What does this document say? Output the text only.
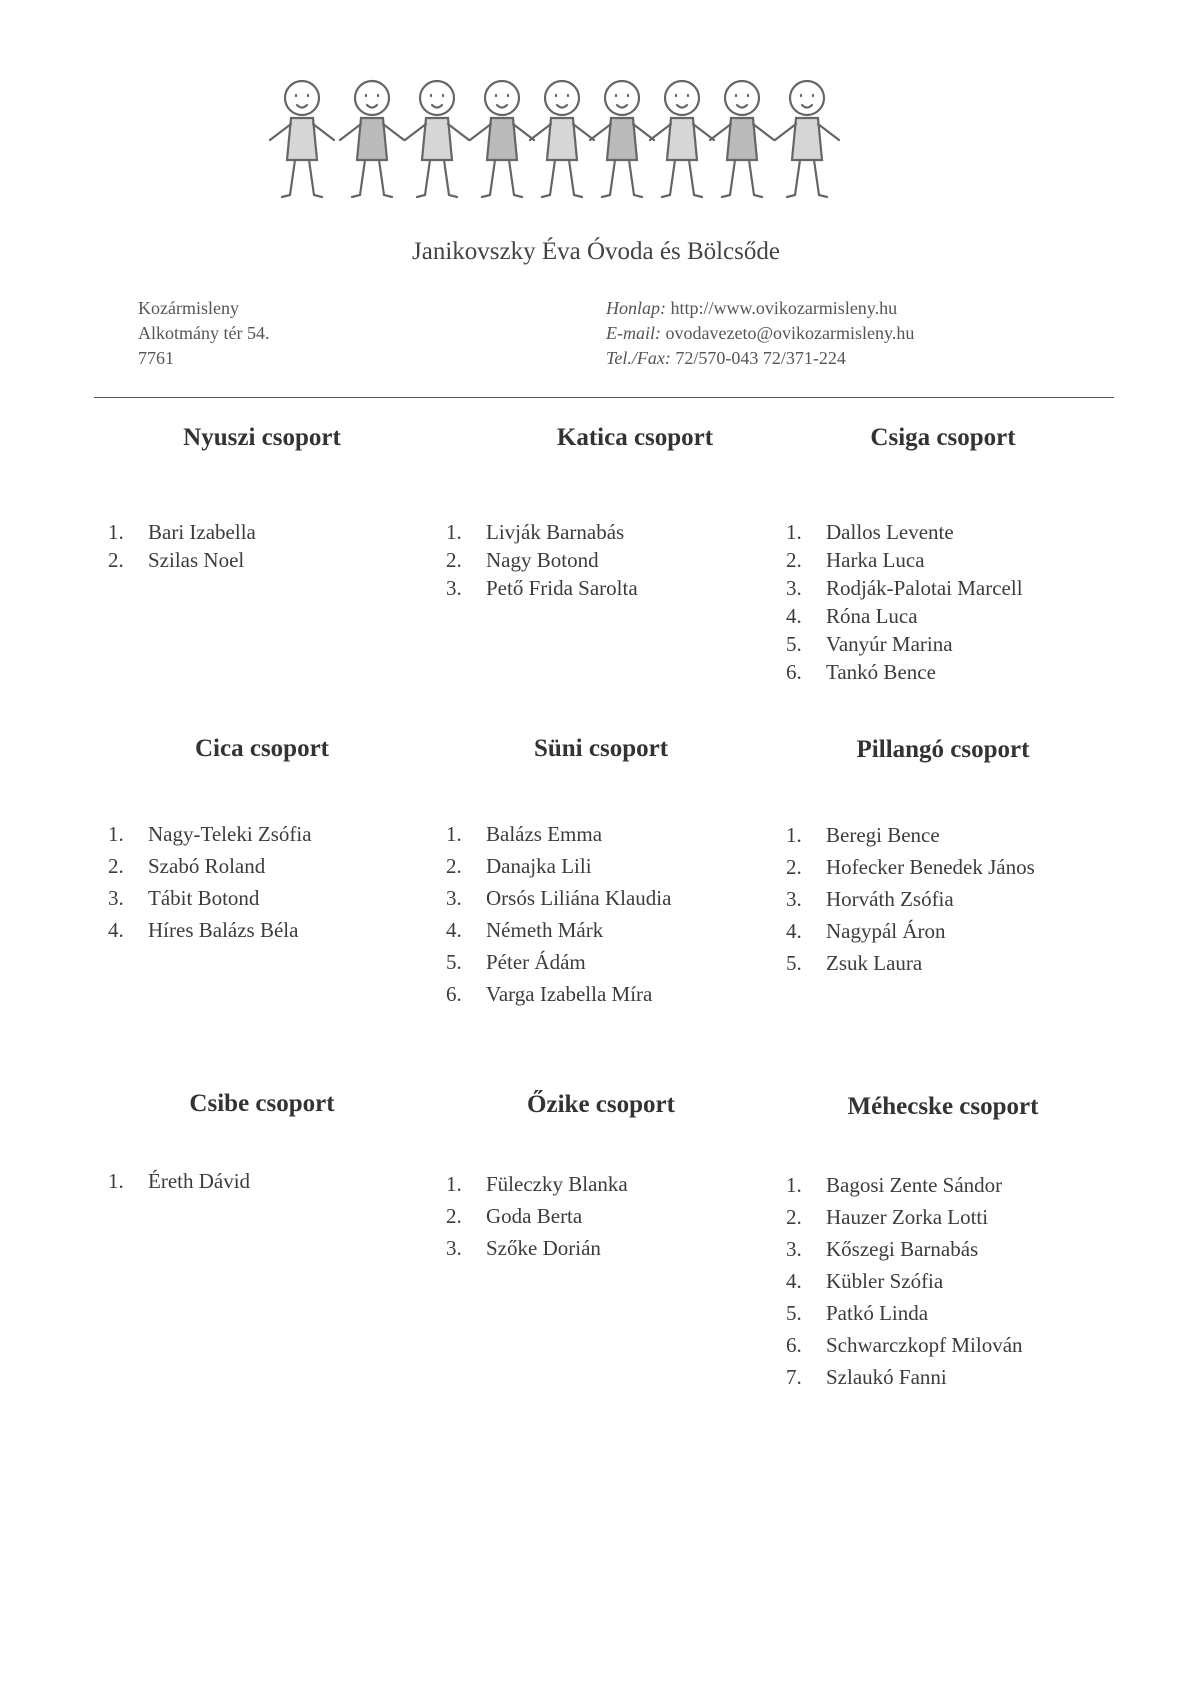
Janikovszky Éva Óvoda és Bölcsőde
Kozármisleny
Alkotmány tér 54.
7761
Honlap: http://www.ovikozarmisleny.hu
E-mail: ovodavezeto@ovikozarmisleny.hu
Tel./Fax: 72/570-043 72/371-224
Nyuszi csoport
1. Bari Izabella
2. Szilas Noel
Katica csoport
1. Livják Barnabás
2. Nagy Botond
3. Pető Frida Sarolta
Csiga csoport
1. Dallos Levente
2. Harka Luca
3. Rodják-Palotai Marcell
4. Róna Luca
5. Vanyúr Marina
6. Tankó Bence
Cica csoport
1. Nagy-Teleki Zsófia
2. Szabó Roland
3. Tábit Botond
4. Híres Balázs Béla
Süni csoport
1. Balázs Emma
2. Danajka Lili
3. Orsós Liliána Klaudia
4. Németh Márk
5. Péter Ádám
6. Varga Izabella Míra
Pillangó csoport
1. Beregi Bence
2. Hofecker Benedek János
3. Horváth Zsófia
4. Nagypál Áron
5. Zsuk Laura
Csibe csoport
1. Éreth Dávid
Őzike csoport
1. Füleczky Blanka
2. Goda Berta
3. Szőke Dorián
Méhecske csoport
1. Bagosi Zente Sándor
2. Hauzer Zorka Lotti
3. Kőszegi Barnabás
4. Kübler Szófia
5. Patkó Linda
6. Schwarczkopf Milován
7. Szlaukó Fanni
